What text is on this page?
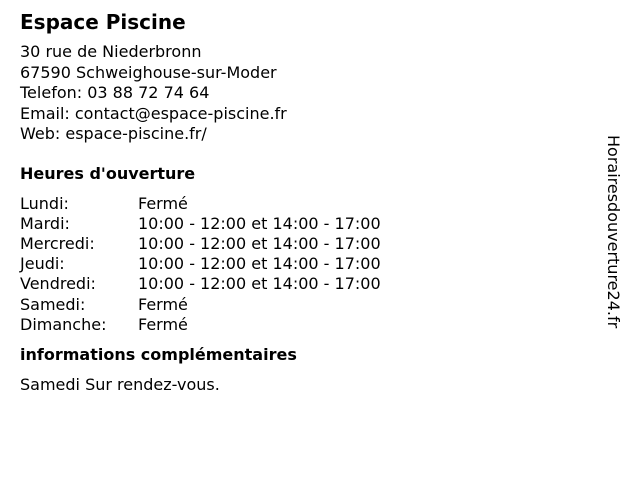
Espace Piscine
30 rue de Niederbronn
67590 Schweighouse-sur-Moder
Telefon: 03 88 72 74 64
Email: contact@espace-piscine.fr
Web: espace-piscine.fr/
Heures d'ouverture
Lundi:	Fermé
Mardi:	10:00 - 12:00 et 14:00 - 17:00
Mercredi:	10:00 - 12:00 et 14:00 - 17:00
Jeudi:	10:00 - 12:00 et 14:00 - 17:00
Vendredi:	10:00 - 12:00 et 14:00 - 17:00
Samedi:	Fermé
Dimanche:	Fermé
informations complémentaires
Samedi Sur rendez-vous.
Horairesdouverture24.fr
